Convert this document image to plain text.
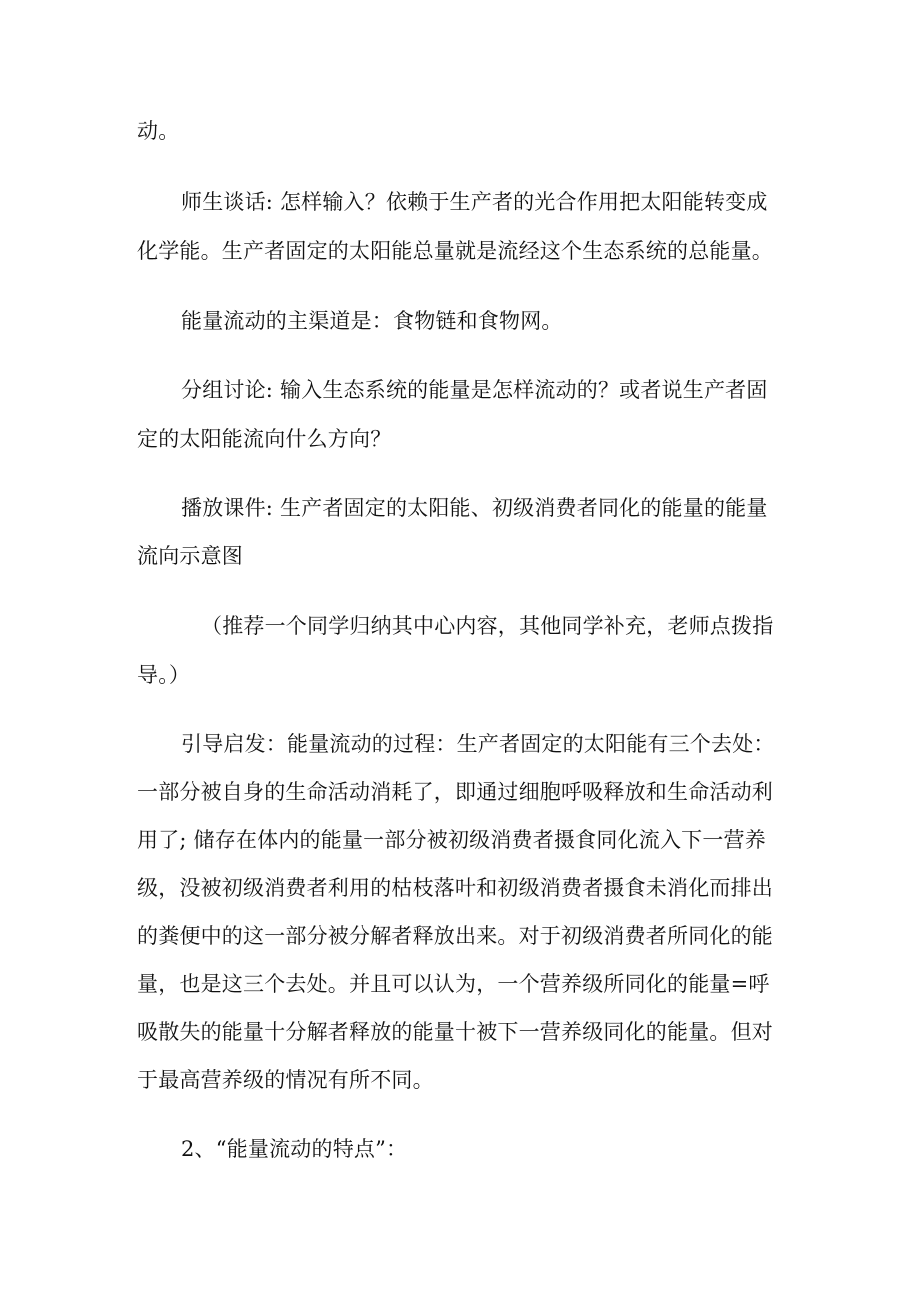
动。
师生谈话: 怎样输入？依赖于生产者的光合作用把太阳能转变成
化学能。生产者固定的太阳能总量就是流经这个生态系统的总能量。
能量流动的主渠道是：食物链和食物网。
分组讨论: 输入生态系统的能量是怎样流动的？或者说生产者固
定的太阳能流向什么方向？
播放课件: 生产者固定的太阳能、初级消费者同化的能量的能量
流向示意图
（推荐一个同学归纳其中心内容，其他同学补充，老师点拨指
导。）
引导启发：能量流动的过程：生产者固定的太阳能有三个去处：
一部分被自身的生命活动消耗了，即通过细胞呼吸释放和生命活动利
用了; 储存在体内的能量一部分被初级消费者摄食同化流入下一营养
级，没被初级消费者利用的枯枝落叶和初级消费者摄食未消化而排出
的粪便中的这一部分被分解者释放出来。对于初级消费者所同化的能
量，也是这三个去处。并且可以认为，一个营养级所同化的能量=呼
吸散失的能量十分解者释放的能量十被下一营养级同化的能量。但对
于最高营养级的情况有所不同。
2、“能量流动的特点”：
